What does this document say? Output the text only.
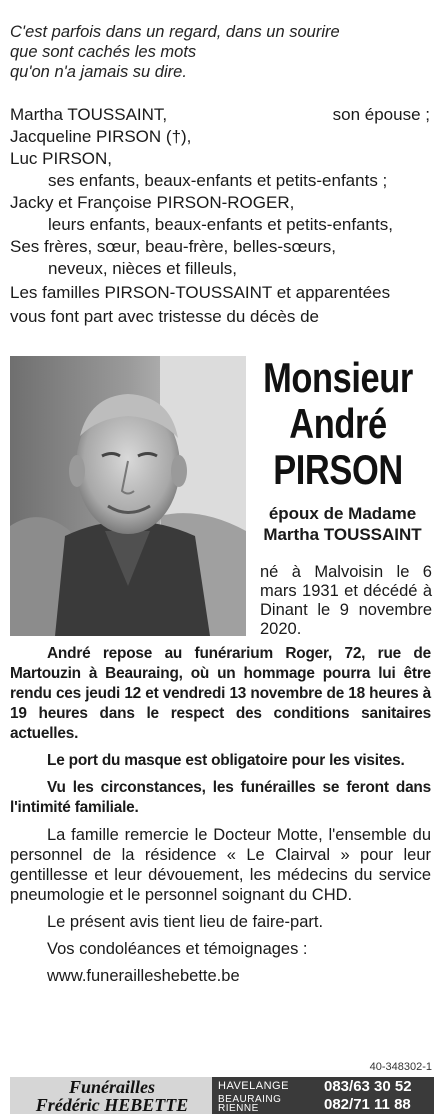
C'est parfois dans un regard, dans un sourire
que sont cachés les mots
qu'on n'a jamais su dire.
Martha TOUSSAINT,	son épouse ;
Jacqueline PIRSON (†),
Luc PIRSON,
ses enfants, beaux-enfants et petits-enfants ;
Jacky et Françoise PIRSON-ROGER,
leurs enfants, beaux-enfants et petits-enfants,
Ses frères, sœur, beau-frère, belles-sœurs,
neveux, nièces et filleuls,
Les familles PIRSON-TOUSSAINT et apparentées
vous font part avec tristesse du décès de
Monsieur
André
PIRSON
époux de Madame
Martha TOUSSAINT
né à Malvoisin le 6 mars 1931 et décédé à Dinant le 9 novembre 2020.

André repose au funérarium Roger, 72, rue de Martouzin à Beauraing, où un hommage pourra lui être rendu ces jeudi 12 et vendredi 13 novembre de 18 heures à 19 heures dans le respect des conditions sanitaires actuelles.

Le port du masque est obligatoire pour les visites.

Vu les circonstances, les funérailles se feront dans l'intimité familiale.

La famille remercie le Docteur Motte, l'ensemble du personnel de la résidence « Le Clairval » pour leur gentillesse et leur dévouement, les médecins du service pneumologie et le personnel soignant du CHD.

Le présent avis tient lieu de faire-part.

Vos condoléances et témoignages :

www.funerailleshebette.be

40-348302-1
Funérailles
Frédéric HEBETTE
HAVELANGE 083/63 30 52
BEAURAING
RIENNE	082/71 11 88
